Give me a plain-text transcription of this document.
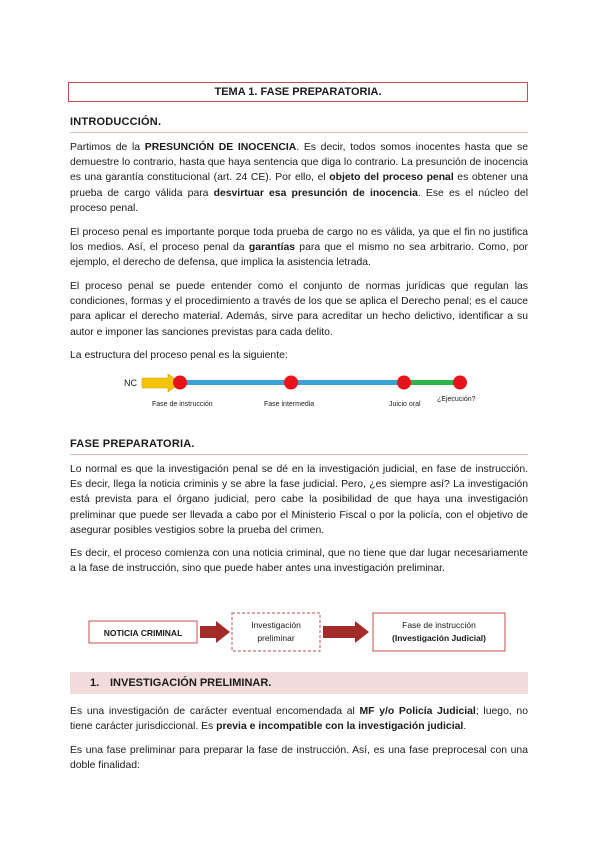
TEMA 1. FASE PREPARATORIA.
INTRODUCCIÓN.

Partimos de la PRESUNCIÓN DE INOCENCIA. Es decir, todos somos inocentes hasta que se demuestre lo contrario, hasta que haya sentencia que diga lo contrario. La presunción de inocencia es una garantía constitucional (art. 24 CE). Por ello, el objeto del proceso penal es obtener una prueba de cargo válida para desvirtuar esa presunción de inocencia. Ese es el núcleo del proceso penal.

El proceso penal es importante porque toda prueba de cargo no es válida, ya que el fin no justifica los medios. Así, el proceso penal da garantías para que el mismo no sea arbitrario. Como, por ejemplo, el derecho de defensa, que implica la asistencia letrada.

El proceso penal se puede entender como el conjunto de normas jurídicas que regulan las condiciones, formas y el procedimiento a través de los que se aplica el Derecho penal; es el cauce para aplicar el derecho material. Además, sirve para acreditar un hecho delictivo, identificar a su autor e imponer las sanciones previstas para cada delito.

La estructura del proceso penal es la siguiente:

NC
Fase de instrucción	Fase intermedia	Juicio oral
¿Ejecución?
FASE PREPARATORIA.

Lo normal es que la investigación penal se dé en la investigación judicial, en fase de instrucción. Es decir, llega la noticia criminis y se abre la fase judicial. Pero, ¿es siempre así? La investigación está prevista para el órgano judicial, pero cabe la posibilidad de que haya una investigación preliminar que puede ser llevada a cabo por el Ministerio Fiscal o por la policía, con el objetivo de asegurar posibles vestigios sobre la prueba del crimen.

Es decir, el proceso comienza con una noticia criminal, que no tiene que dar lugar necesariamente a la fase de instrucción, sino que puede haber antes una investigación preliminar.

NOTICIA CRIMINAL
Investigación
preliminar
Fase de instrucción
(Investigación Judicial)
1. INVESTIGACIÓN PRELIMINAR.

Es una investigación de carácter eventual encomendada al MF y/o Policía Judicial; luego, no tiene carácter jurisdiccional. Es previa e incompatible con la investigación judicial.

Es una fase preliminar para preparar la fase de instrucción. Así, es una fase preprocesal con una doble finalidad:
